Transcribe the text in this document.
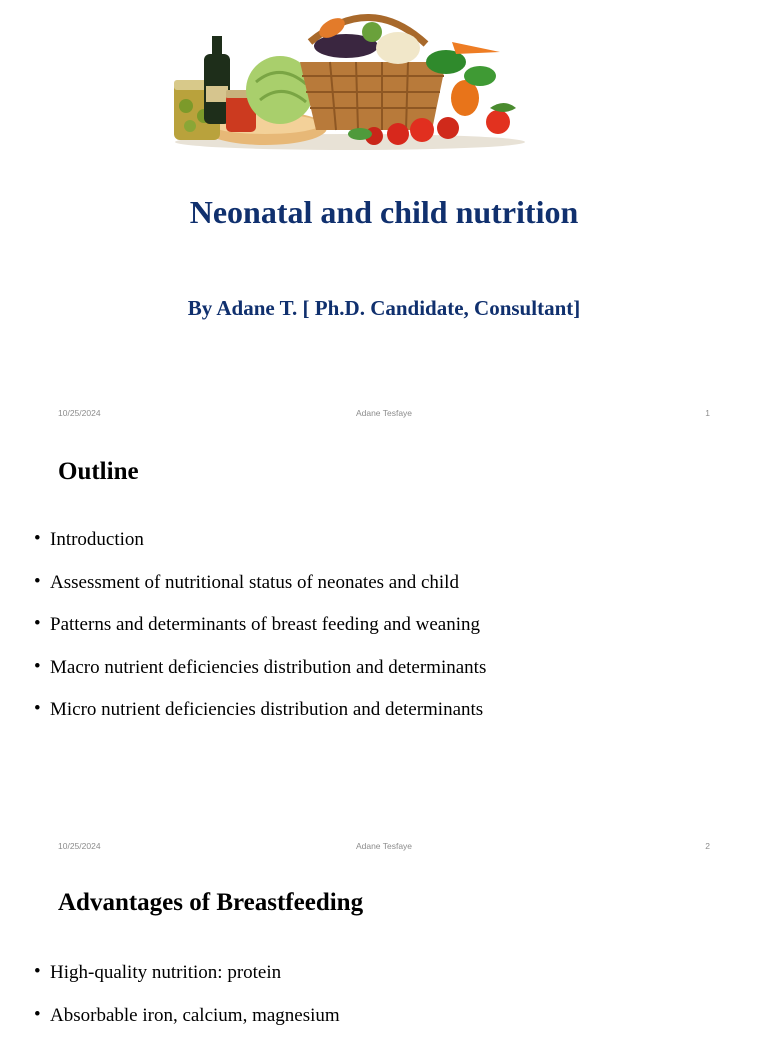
Neonatal and child nutrition
By Adane T. [ Ph.D. Candidate, Consultant]
10/25/2024	Adane Tesfaye	1
Outline
• Introduction
• Assessment of nutritional status of neonates and child
• Patterns and determinants of breast feeding and weaning
• Macro nutrient deficiencies distribution and determinants
• Micro nutrient deficiencies distribution and determinants
10/25/2024	Adane Tesfaye	2
Advantages of Breastfeeding
• High-quality nutrition: protein
• Absorbable iron, calcium, magnesium
